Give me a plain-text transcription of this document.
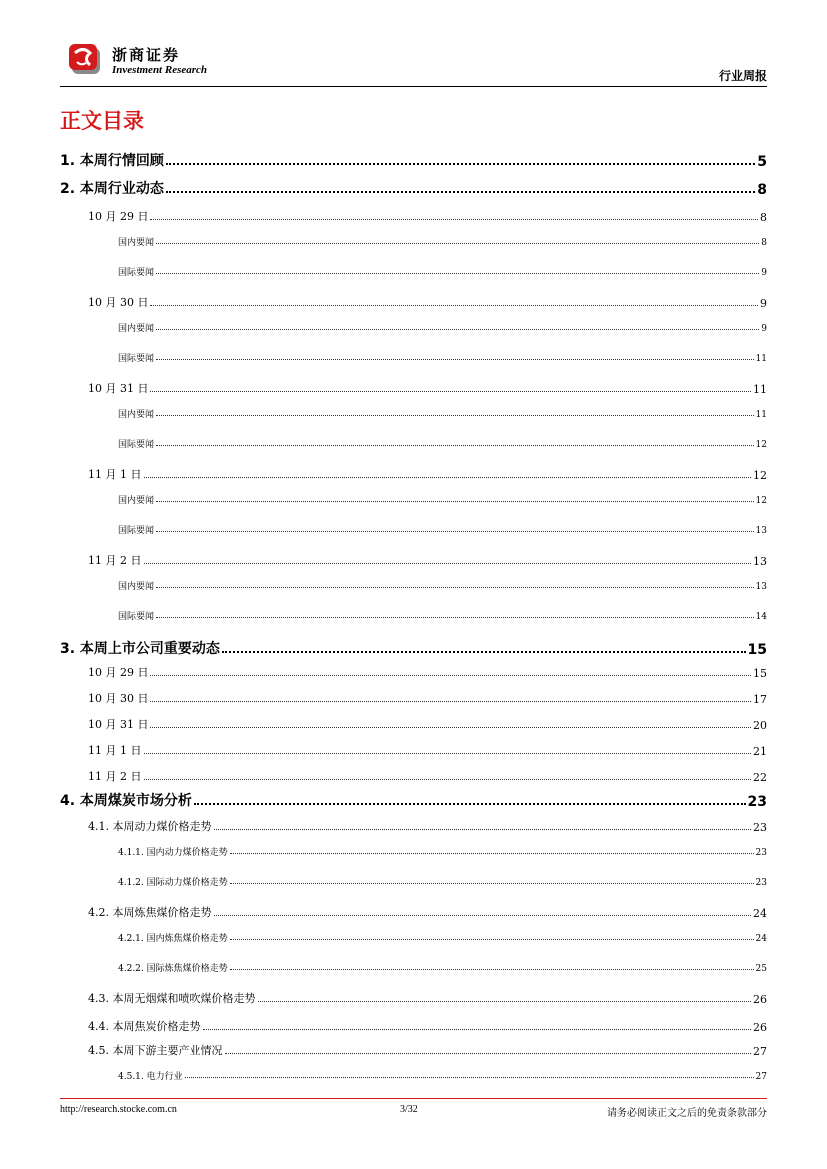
浙商证券
Investment Research	行业周报
正文目录
1. 本周行情回顾	5
2. 本周行业动态	8
10 月 29 日	8
国内要闻	8
国际要闻	9
10 月 30 日	9
国内要闻	9
国际要闻	11
10 月 31 日	11
国内要闻	11
国际要闻	12
11 月 1 日	12
国内要闻	12
国际要闻	13
11 月 2 日	13
国内要闻	13
国际要闻	14
3. 本周上市公司重要动态	15
10 月 29 日	15
10 月 30 日	17
10 月 31 日	20
11 月 1 日	21
11 月 2 日	22
4. 本周煤炭市场分析	23
4.1. 本周动力煤价格走势	23
4.1.1. 国内动力煤价格走势	23
4.1.2. 国际动力煤价格走势	23
4.2. 本周炼焦煤价格走势	24
4.2.1. 国内炼焦煤价格走势	24
4.2.2. 国际炼焦煤价格走势	25
4.3. 本周无烟煤和喷吹煤价格走势	26
4.4. 本周焦炭价格走势	26
4.5. 本周下游主要产业情况	27
4.5.1. 电力行业	27
http://research.stocke.com.cn	3/32	请务必阅读正文之后的免责条款部分
